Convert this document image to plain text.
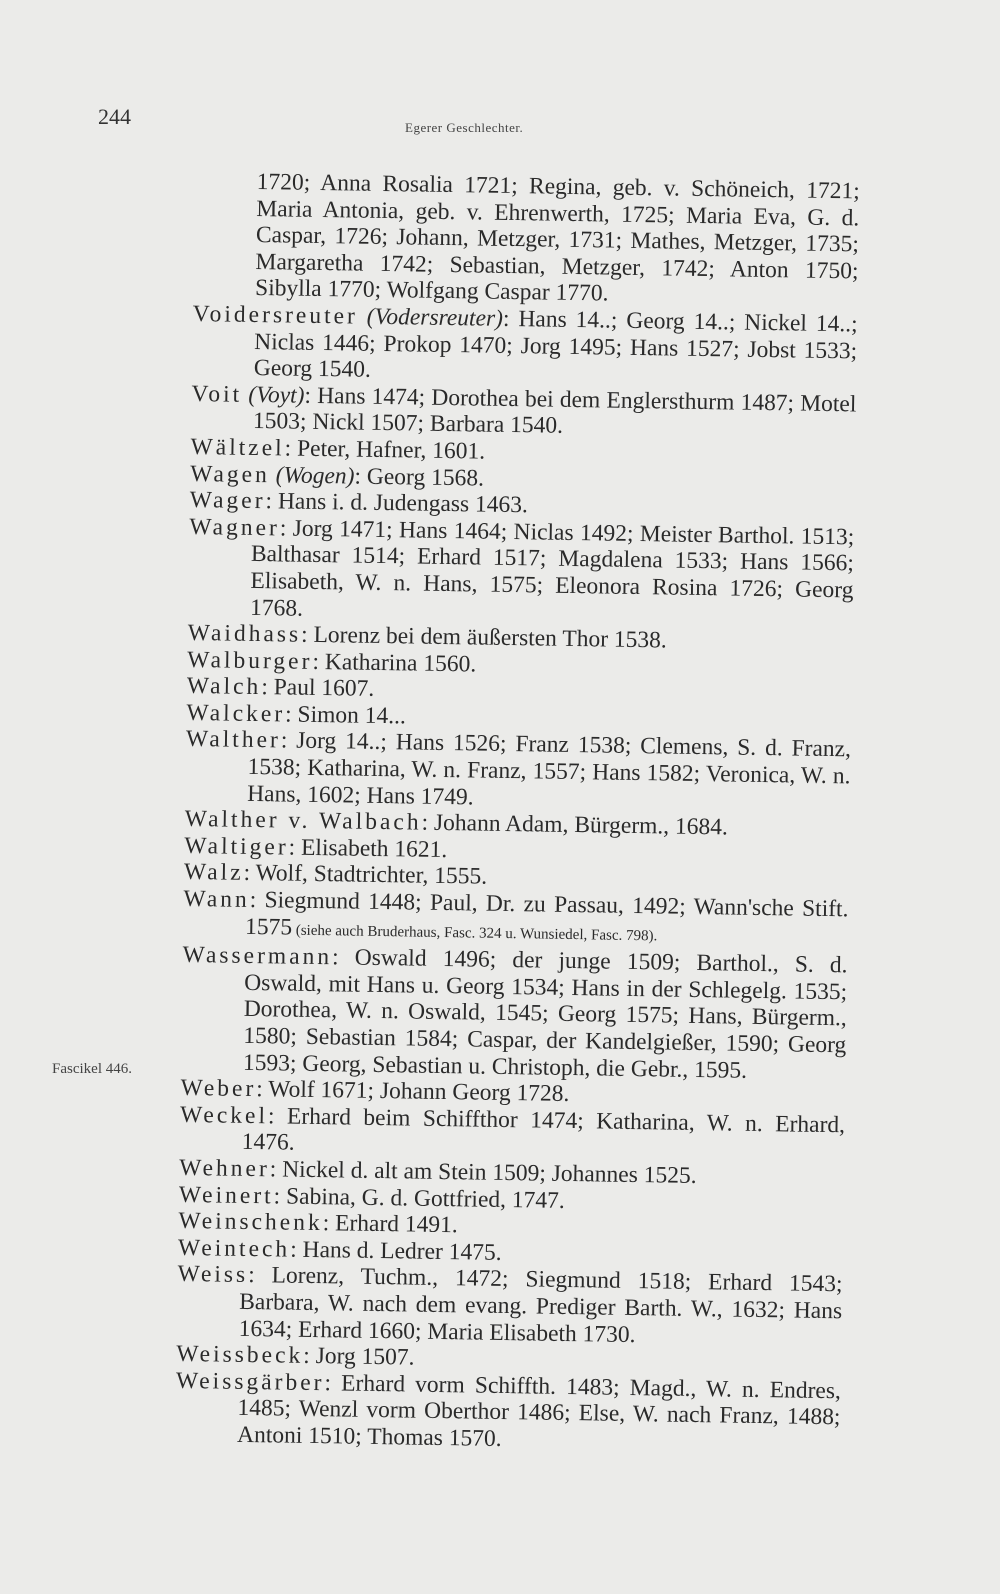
244	Egerer Geschlechter.
Fascikel 446.

1720; Anna Rosalia 1721; Regina, geb. v. Schöneich, 1721; Maria Antonia, geb. v. Ehrenwerth, 1725; Maria Eva, G. d. Caspar, 1726; Johann, Metzger, 1731; Mathes, Metzger, 1735; Margaretha 1742; Sebastian, Metzger, 1742; Anton 1750; Sibylla 1770; Wolfgang Caspar 1770.

Voidersreuter (Vodersreuter): Hans 14..; Georg 14..; Nickel 14..; Niclas 1446; Prokop 1470; Jorg 1495; Hans 1527; Jobst 1533; Georg 1540.

Voit (Voyt): Hans 1474; Dorothea bei dem Englersthurm 1487; Motel 1503; Nickl 1507; Barbara 1540.

Wältzel: Peter, Hafner, 1601.

Wagen (Wogen): Georg 1568.

Wager: Hans i. d. Judengass 1463.

Wagner: Jorg 1471; Hans 1464; Niclas 1492; Meister Barthol. 1513; Balthasar 1514; Erhard 1517; Magdalena 1533; Hans 1566; Elisabeth, W. n. Hans, 1575; Eleonora Rosina 1726; Georg 1768.

Waidhass: Lorenz bei dem äußersten Thor 1538.

Walburger: Katharina 1560.

Walch: Paul 1607.

Walcker: Simon 14...

Walther: Jorg 14..; Hans 1526; Franz 1538; Clemens, S. d. Franz, 1538; Katharina, W. n. Franz, 1557; Hans 1582; Veronica, W. n. Hans, 1602; Hans 1749.

Walther v. Walbach: Johann Adam, Bürgerm., 1684.

Waltiger: Elisabeth 1621.

Walz: Wolf, Stadtrichter, 1555.

Wann: Siegmund 1448; Paul, Dr. zu Passau, 1492; Wann'sche Stift. 1575 (siehe auch Bruderhaus, Fasc. 324 u. Wunsiedel, Fasc. 798).

Wassermann: Oswald 1496; der junge 1509; Barthol., S. d. Oswald, mit Hans u. Georg 1534; Hans in der Schlegelg. 1535; Dorothea, W. n. Oswald, 1545; Georg 1575; Hans, Bürgerm., 1580; Sebastian 1584; Caspar, der Kandelgießer, 1590; Georg 1593; Georg, Sebastian u. Christoph, die Gebr., 1595.

Weber: Wolf 1671; Johann Georg 1728.

Weckel: Erhard beim Schiffthor 1474; Katharina, W. n. Erhard, 1476.

Wehner: Nickel d. alt am Stein 1509; Johannes 1525.

Weinert: Sabina, G. d. Gottfried, 1747.

Weinschenk: Erhard 1491.

Weintech: Hans d. Ledrer 1475.

Weiss: Lorenz, Tuchm., 1472; Siegmund 1518; Erhard 1543; Barbara, W. nach dem evang. Prediger Barth. W., 1632; Hans 1634; Erhard 1660; Maria Elisabeth 1730.

Weissbeck: Jorg 1507.

Weissgärber: Erhard vorm Schiffth. 1483; Magd., W. n. Endres, 1485; Wenzl vorm Oberthor 1486; Else, W. nach Franz, 1488; Antoni 1510; Thomas 1570.
